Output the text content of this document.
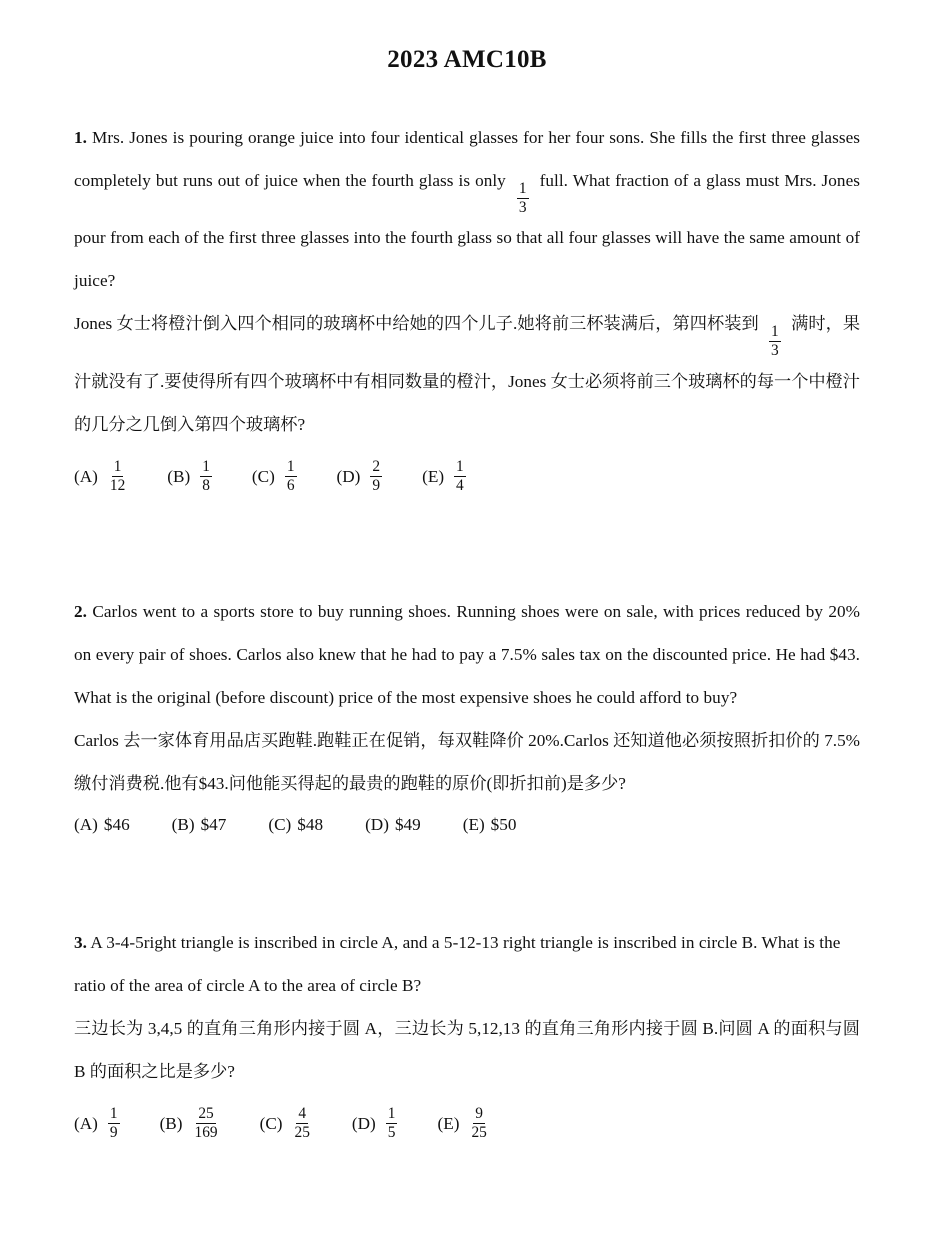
2023 AMC10B
1. Mrs. Jones is pouring orange juice into four identical glasses for her four sons. She fills the first three glasses completely but runs out of juice when the fourth glass is only
$\frac{1}{3}$
full. What fraction of a glass must Mrs. Jones pour from each of the first three glasses into the fourth glass so that all four glasses will have the same amount of juice?
Jones 女士将橙汁倒入四个相同的玻璃杯中给她的四个儿子.她将前三杯装满后，第四杯装到
$\frac{1}{3}$
满时，果汁就没有了.要使得所有四个玻璃杯中有相同数量的橙汁，Jones 女士必须将前三个玻璃杯的每一个中橙汁的几分之几倒入第四个玻璃杯?
$(A) \frac{1}{12} (B) \frac{1}{8} (C) \frac{1}{6} (D) \frac{2}{9} (E) \frac{1}{4}$
2. Carlos went to a sports store to buy running shoes. Running shoes were on sale, with prices reduced by 20% on every pair of shoes. Carlos also knew that he had to pay a 7.5% sales tax on the discounted price. He had $43. What is the original (before discount) price of the most expensive shoes he could afford to buy?
Carlos 去一家体育用品店买跑鞋.跑鞋正在促销，每双鞋降价 20%.Carlos 还知道他必须按照折扣价的 7.5%缴付消费税.他有$43.问他能买得起的最贵的跑鞋的原价(即折扣前)是多少?
(A) $46 (B) $47 (C) $48 (D) $49 (E) $50
3. A 3-4-5right triangle is inscribed in circle A, and a 5-12-13 right triangle is inscribed in circle B. What is the ratio of the area of circle A to the area of circle B?
三边长为 3,4,5 的直角三角形内接于圆 A，三边长为 5,12,13 的直角三角形内接于圆 B.问圆 A 的面积与圆 B 的面积之比是多少?
$(A) \frac{1}{9} (B) \frac{25}{169} (C) \frac{4}{25} (D) \frac{1}{5} (E) \frac{9}{25}$
